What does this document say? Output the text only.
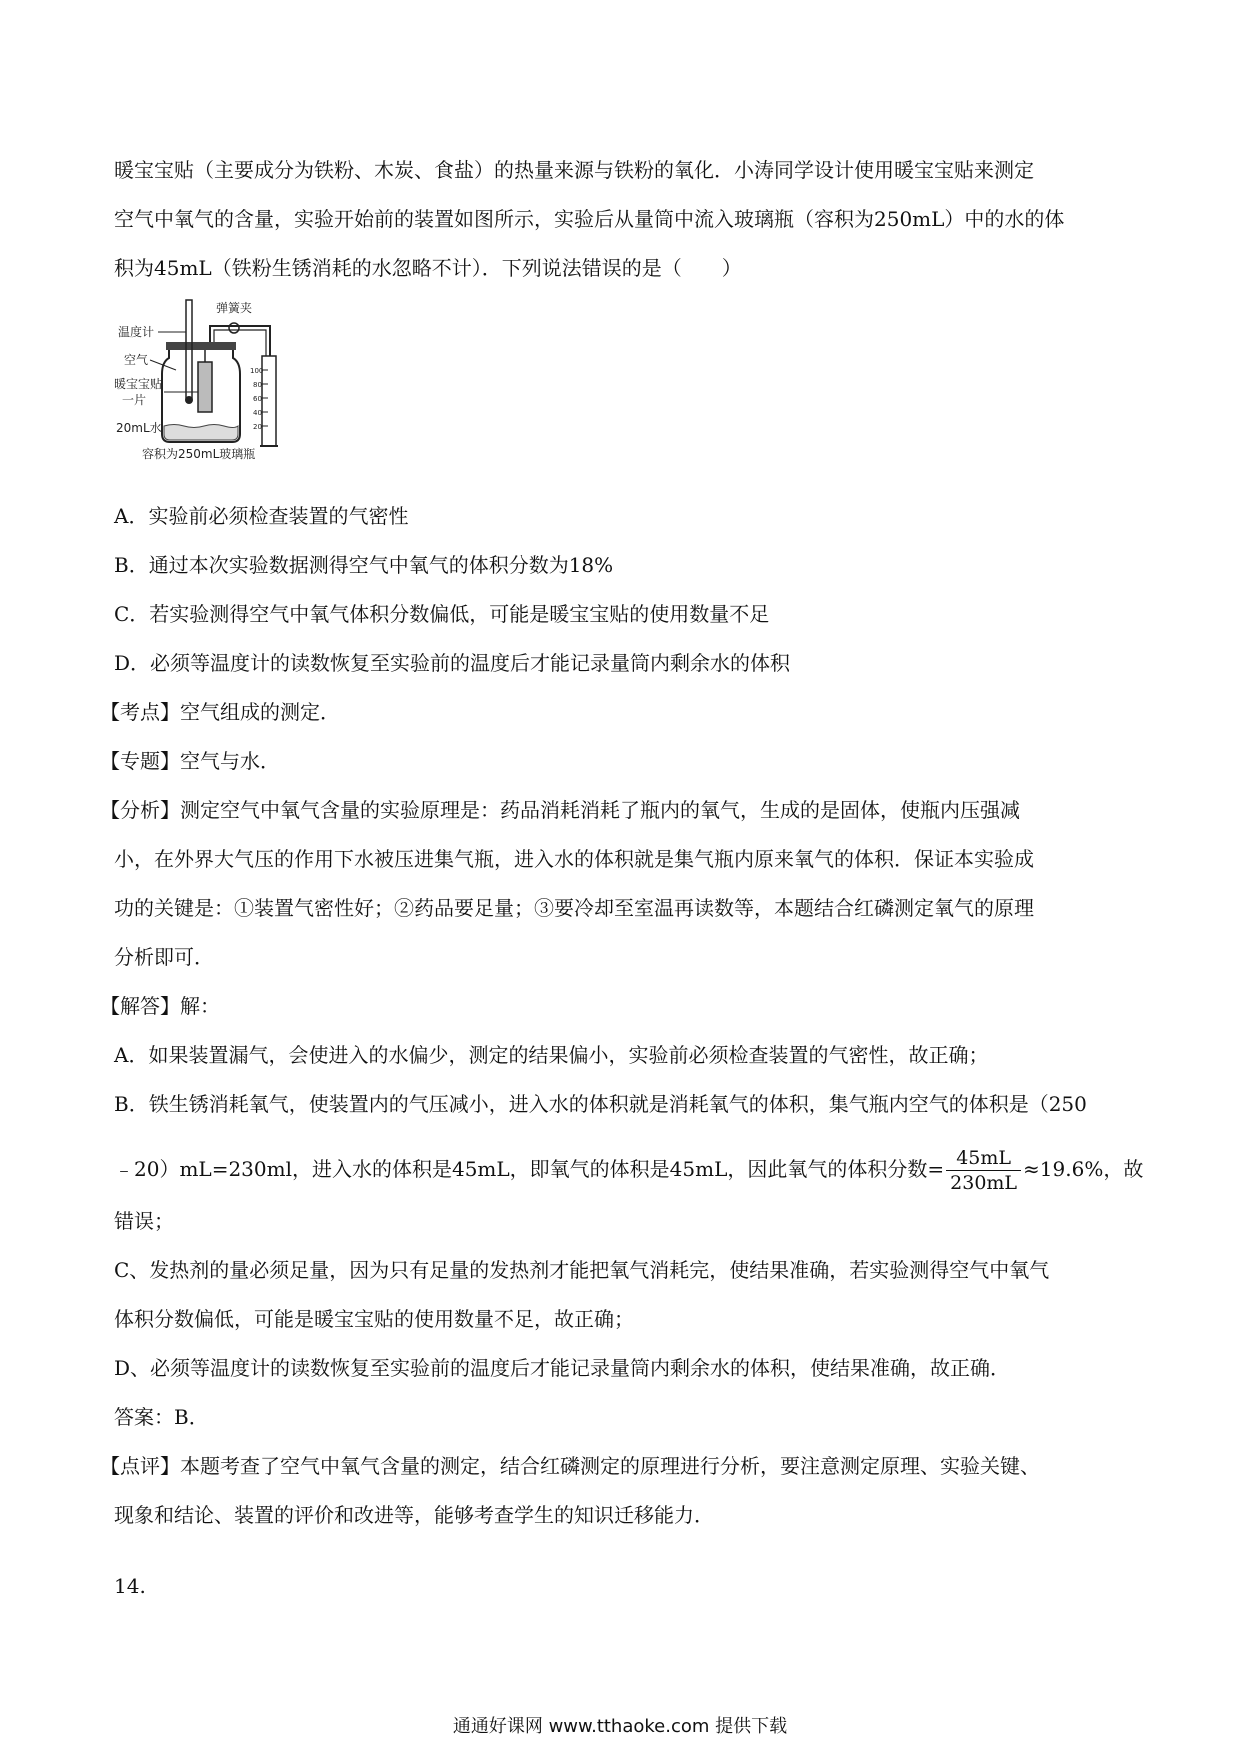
暖宝宝贴（主要成分为铁粉、木炭、食盐）的热量来源与铁粉的氧化．小涛同学设计使用暖宝宝贴来测定
空气中氧气的含量，实验开始前的装置如图所示，实验后从量筒中流入玻璃瓶（容积为250mL）中的水的体
积为45mL（铁粉生锈消耗的水忽略不计）．下列说法错误的是（　　）
100
80
60
40
20
弹簧夹
温度计
空气
暖宝宝贴
一片
20mL水
容积为250mL玻璃瓶
A．实验前必须检查装置的气密性
B．通过本次实验数据测得空气中氧气的体积分数为18%
C．若实验测得空气中氧气体积分数偏低，可能是暖宝宝贴的使用数量不足
D．必须等温度计的读数恢复至实验前的温度后才能记录量筒内剩余水的体积
【考点】空气组成的测定．
【专题】空气与水．
【分析】测定空气中氧气含量的实验原理是：药品消耗消耗了瓶内的氧气，生成的是固体，使瓶内压强减
小，在外界大气压的作用下水被压进集气瓶，进入水的体积就是集气瓶内原来氧气的体积．保证本实验成
功的关键是：①装置气密性好；②药品要足量；③要冷却至室温再读数等，本题结合红磷测定氧气的原理
分析即可．
【解答】解：
A．如果装置漏气，会使进入的水偏少，测定的结果偏小，实验前必须检查装置的气密性，故正确；
B．铁生锈消耗氧气，使装置内的气压减小，进入水的体积就是消耗氧气的体积，集气瓶内空气的体积是（250
﹣20）mL=230ml，进入水的体积是45mL，即氧气的体积是45mL，因此氧气的体积分数= $\frac{45mL}{230mL} \approx 19.6\%$，故
错误；
C、发热剂的量必须足量，因为只有足量的发热剂才能把氧气消耗完，使结果准确，若实验测得空气中氧气
体积分数偏低，可能是暖宝宝贴的使用数量不足，故正确；
D、必须等温度计的读数恢复至实验前的温度后才能记录量筒内剩余水的体积，使结果准确，故正确．
答案：B．
【点评】本题考查了空气中氧气含量的测定，结合红磷测定的原理进行分析，要注意测定原理、实验关键、
现象和结论、装置的评价和改进等，能够考查学生的知识迁移能力．
14.
通通好课网 www.tthaoke.com 提供下载
